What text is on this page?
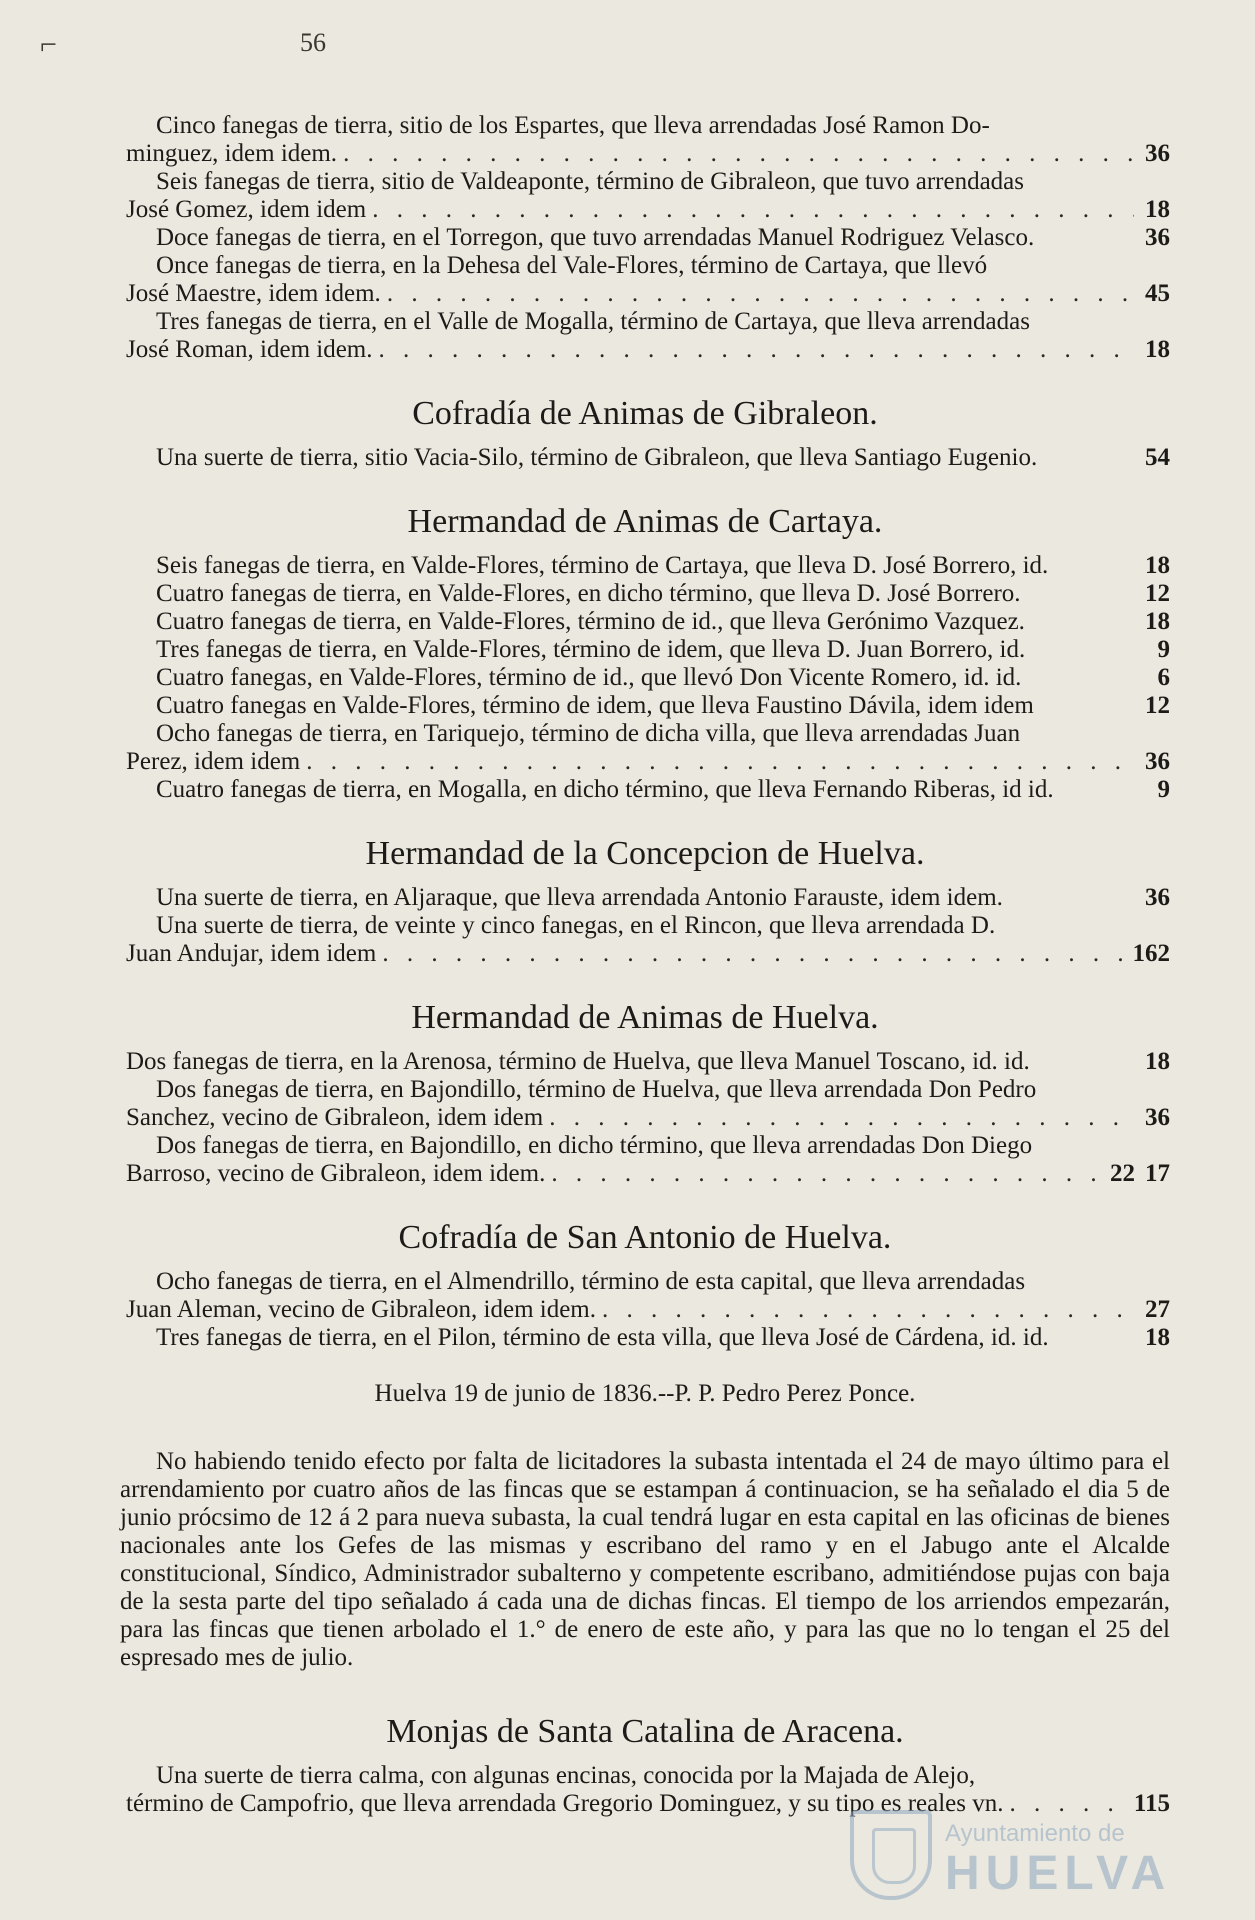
⌐	56
Cinco fanegas de tierra, sitio de los Espartes, que lleva arrendadas José Ramon Do-
minguez, idem idem. . . .	36
Seis fanegas de tierra, sitio de Valdeaponte, término de Gibraleon, que tuvo arrendadas
José Gomez, idem idem . . .	18
Doce fanegas de tierra, en el Torregon, que tuvo arrendadas Manuel Rodriguez Velasco.	36
Once fanegas de tierra, en la Dehesa del Vale-Flores, término de Cartaya, que llevó
José Maestre, idem idem. . . .	45
Tres fanegas de tierra, en el Valle de Mogalla, término de Cartaya, que lleva arrendadas
José Roman, idem idem. . . .	18
Cofradía de Animas de Gibraleon.
Una suerte de tierra, sitio Vacia-Silo, término de Gibraleon, que lleva Santiago Eugenio.	54
Hermandad de Animas de Cartaya.
Seis fanegas de tierra, en Valde-Flores, término de Cartaya, que lleva D. José Borrero, id.	18
Cuatro fanegas de tierra, en Valde-Flores, en dicho término, que lleva D. José Borrero.	12
Cuatro fanegas de tierra, en Valde-Flores, término de id., que lleva Gerónimo Vazquez.	18
Tres fanegas de tierra, en Valde-Flores, término de idem, que lleva D. Juan Borrero, id.	9
Cuatro fanegas, en Valde-Flores, término de id., que llevó Don Vicente Romero, id. id.	6
Cuatro fanegas en Valde-Flores, término de idem, que lleva Faustino Dávila, idem idem	12
Ocho fanegas de tierra, en Tariquejo, término de dicha villa, que lleva arrendadas Juan
Perez, idem idem . . .	36
Cuatro fanegas de tierra, en Mogalla, en dicho término, que lleva Fernando Riberas, id id.	9
Hermandad de la Concepcion de Huelva.
Una suerte de tierra, en Aljaraque, que lleva arrendada Antonio Farauste, idem idem.	36
Una suerte de tierra, de veinte y cinco fanegas, en el Rincon, que lleva arrendada D.
Juan Andujar, idem idem . . .	162
Hermandad de Animas de Huelva.
Dos fanegas de tierra, en la Arenosa, término de Huelva, que lleva Manuel Toscano, id. id.	18
Dos fanegas de tierra, en Bajondillo, término de Huelva, que lleva arrendada Don Pedro
Sanchez, vecino de Gibraleon, idem idem . . .	36
Dos fanegas de tierra, en Bajondillo, en dicho término, que lleva arrendadas Don Diego
Barroso, vecino de Gibraleon, idem idem. . . .	22 17
Cofradía de San Antonio de Huelva.
Ocho fanegas de tierra, en el Almendrillo, término de esta capital, que lleva arrendadas
Juan Aleman, vecino de Gibraleon, idem idem. . . .	27
Tres fanegas de tierra, en el Pilon, término de esta villa, que lleva José de Cárdena, id. id.	18
Huelva 19 de junio de 1836.--P. P. Pedro Perez Ponce.

No habiendo tenido efecto por falta de licitadores la subasta intentada el 24 de mayo último para el arrendamiento por cuatro años de las fincas que se estampan á continuacion, se ha señalado el dia 5 de junio prócsimo de 12 á 2 para nueva subasta, la cual tendrá lugar en esta capital en las oficinas de bienes nacionales ante los Gefes de las mismas y escribano del ramo y en el Jabugo ante el Alcalde constitucional, Síndico, Administrador subalterno y competente escribano, admitiéndose pujas con baja de la sesta parte del tipo señalado á cada una de dichas fincas. El tiempo de los arriendos empezarán, para las fincas que tienen arbolado el 1.° de enero de este año, y para las que no lo tengan el 25 del espresado mes de julio.

Monjas de Santa Catalina de Aracena.
Una suerte de tierra calma, con algunas encinas, conocida por la Majada de Alejo,
término de Campofrio, que lleva arrendada Gregorio Dominguez, y su tipo es reales vn. . . .	115
Ayuntamiento de
HUELVA
